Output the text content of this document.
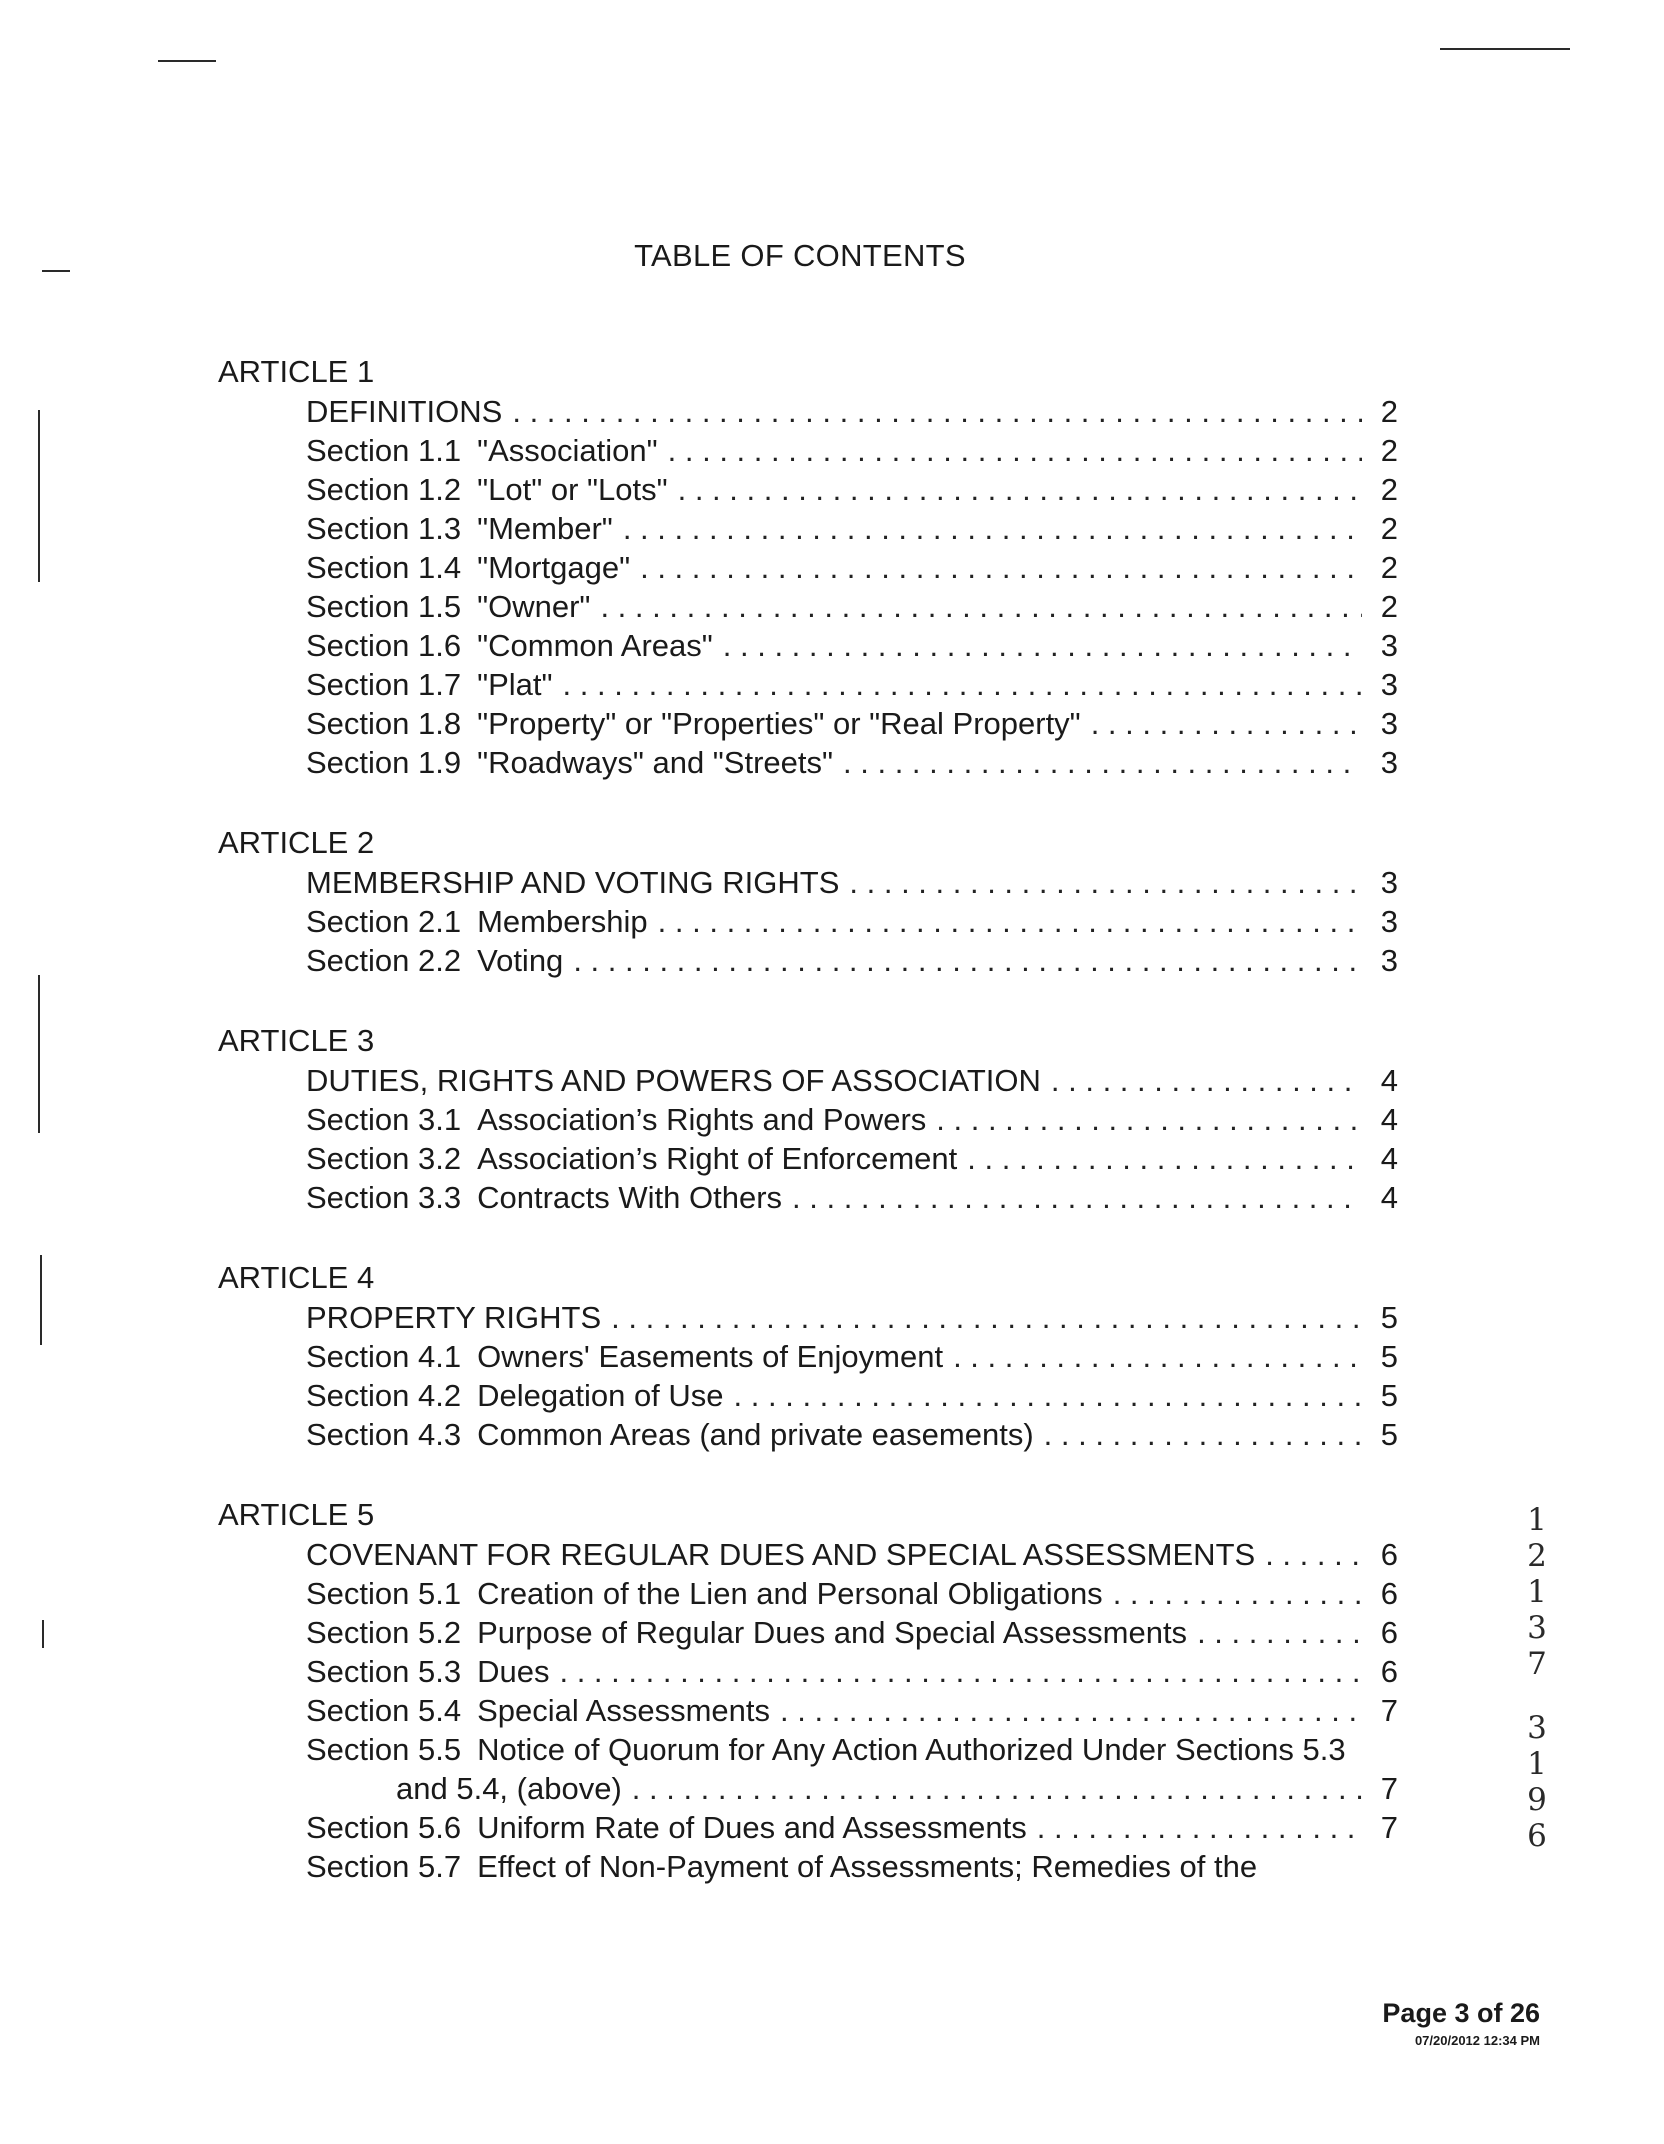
TABLE OF CONTENTS
ARTICLE 1
DEFINITIONS . . .	2
Section 1.1 "Association" . . .	2
Section 1.2 "Lot" or "Lots" . . .	2
Section 1.3 "Member" . . .	2
Section 1.4 "Mortgage" . . .	2
Section 1.5 "Owner" . . .	2
Section 1.6 "Common Areas" . . .	3
Section 1.7 "Plat" . . .	3
Section 1.8 "Property" or "Properties" or "Real Property" . . .	3
Section 1.9 "Roadways" and "Streets" . . .	3
ARTICLE 2
MEMBERSHIP AND VOTING RIGHTS . . .	3
Section 2.1 Membership . . .	3
Section 2.2 Voting . . .	3
ARTICLE 3
DUTIES, RIGHTS AND POWERS OF ASSOCIATION . . .	4
Section 3.1 Association’s Rights and Powers . . .	4
Section 3.2 Association’s Right of Enforcement . . .	4
Section 3.3 Contracts With Others . . .	4
ARTICLE 4
PROPERTY RIGHTS . . .	5
Section 4.1 Owners' Easements of Enjoyment . . .	5
Section 4.2 Delegation of Use . . .	5
Section 4.3 Common Areas (and private easements) . . .	5
ARTICLE 5
COVENANT FOR REGULAR DUES AND SPECIAL ASSESSMENTS . . .	6
Section 5.1 Creation of the Lien and Personal Obligations . . .	6
Section 5.2 Purpose of Regular Dues and Special Assessments . . .	6
Section 5.3 Dues . . .	6
Section 5.4 Special Assessments . . .	7
Section 5.5 Notice of Quorum for Any Action Authorized Under Sections 5.3
and 5.4, (above) . . .	7
Section 5.6 Uniform Rate of Dues and Assessments . . .	7
Section 5.7 Effect of Non-Payment of Assessments; Remedies of the
1
2
1
3
7
3
1
9
6
Page 3 of 26
07/20/2012 12:34 PM
